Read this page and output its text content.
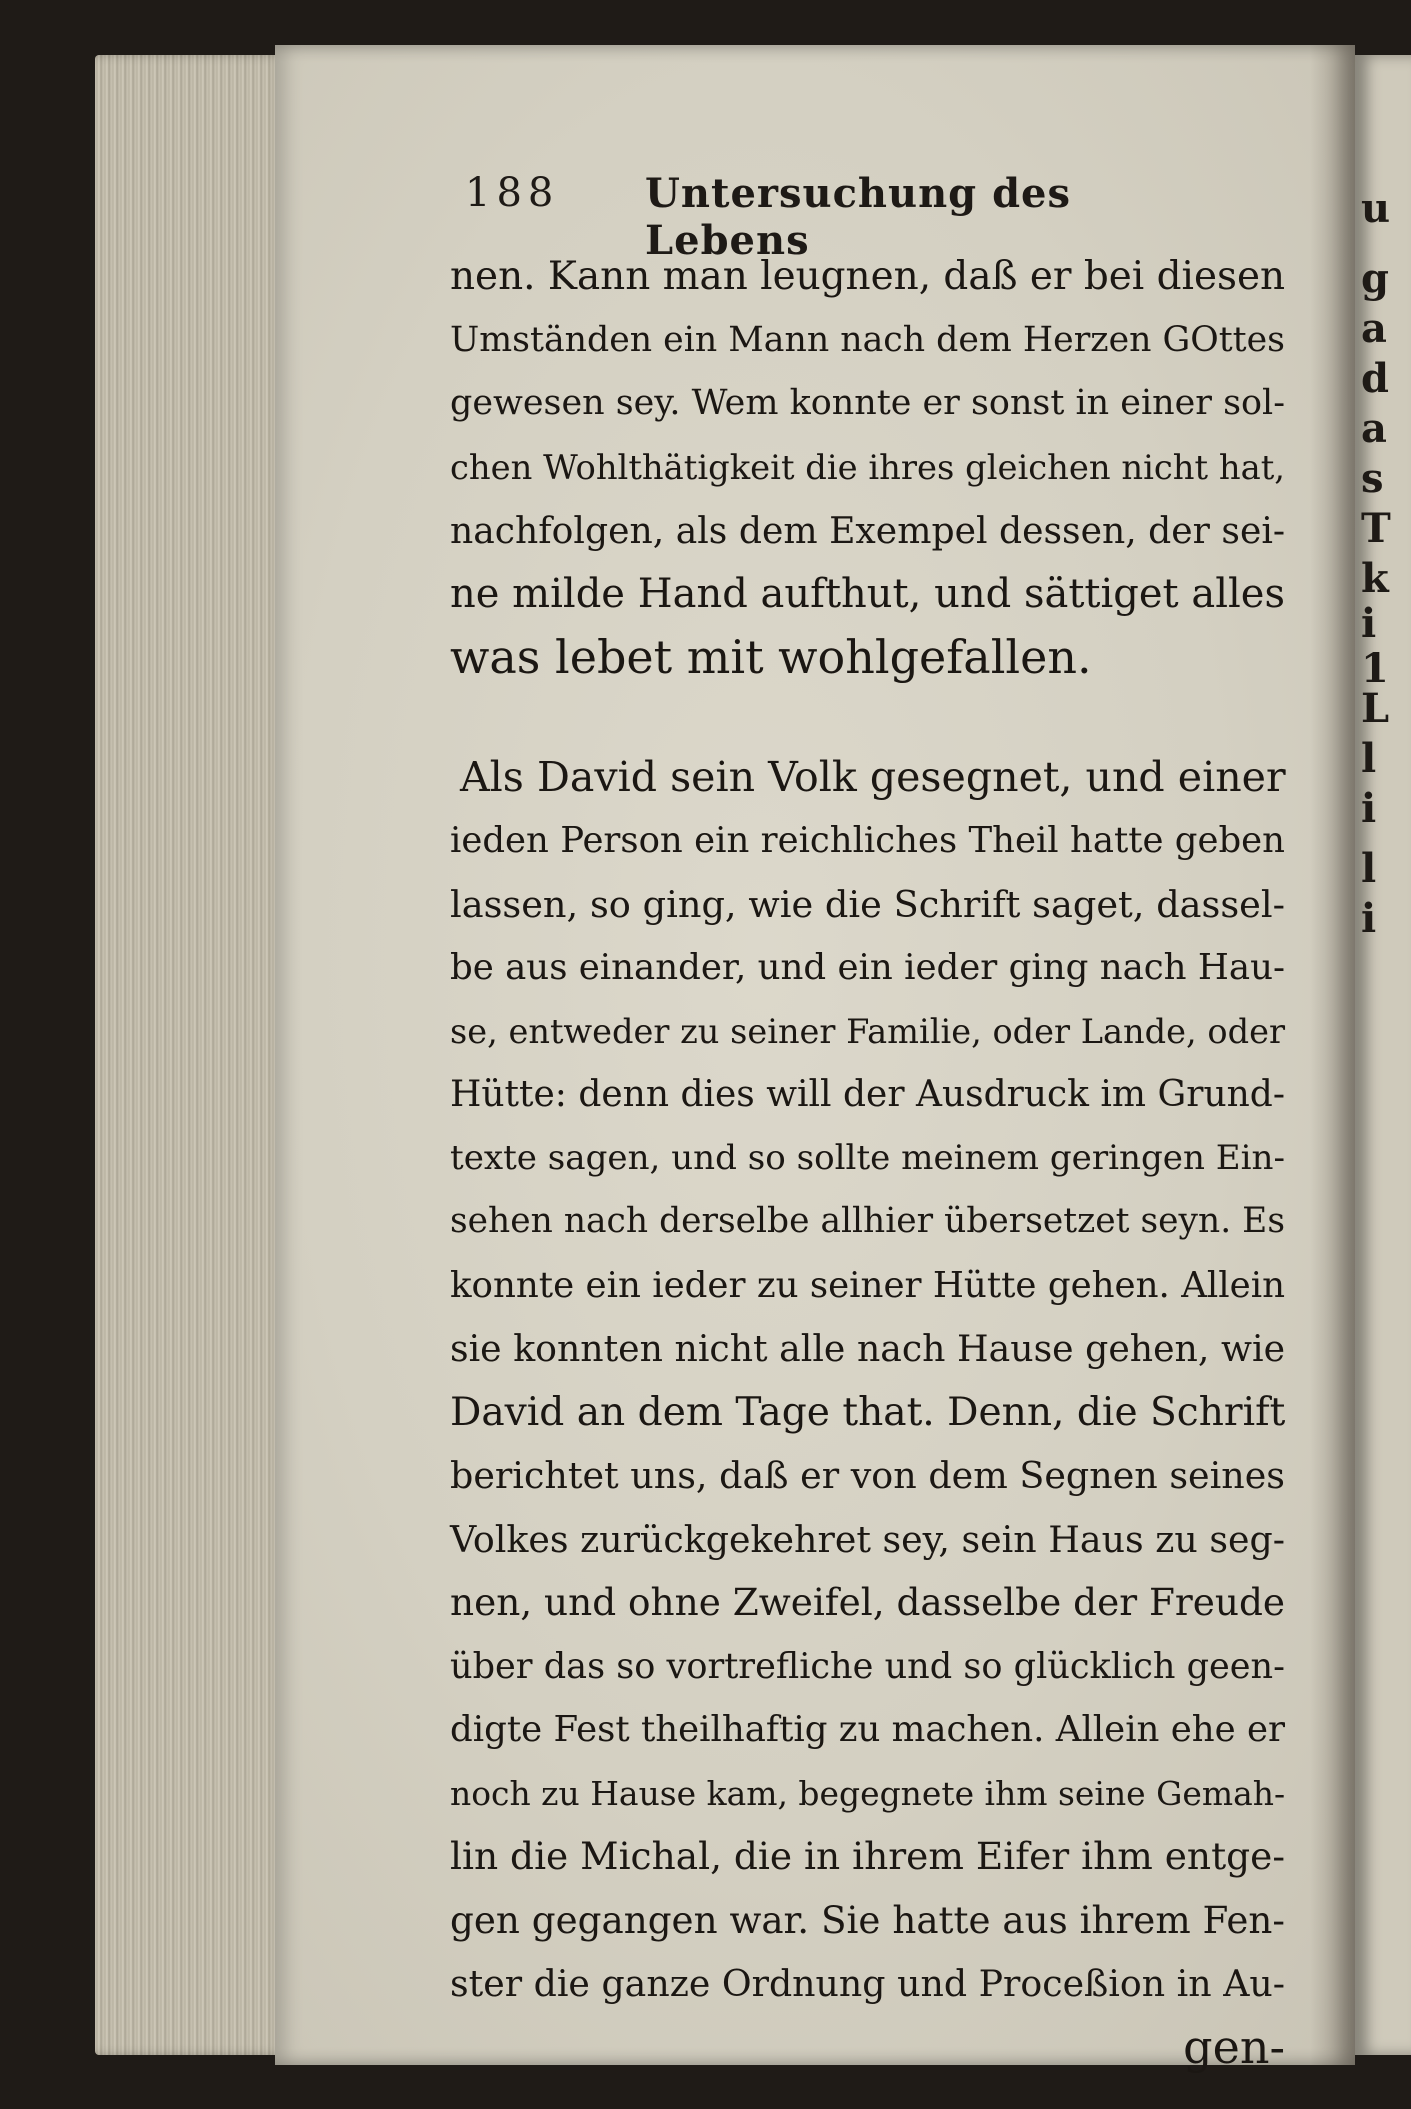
188 Untersuchung des Lebens
nen. Kann man leugnen, daß er bei diesen
Umständen ein Mann nach dem Herzen GOttes
gewesen sey. Wem konnte er sonst in einer sol-
chen Wohlthätigkeit die ihres gleichen nicht hat,
nachfolgen, als dem Exempel dessen, der sei-
ne milde Hand aufthut, und sättiget alles
was lebet mit wohlgefallen.
Als David sein Volk gesegnet, und einer
ieden Person ein reichliches Theil hatte geben
lassen, so ging, wie die Schrift saget, dassel-
be aus einander, und ein ieder ging nach Hau-
se, entweder zu seiner Familie, oder Lande, oder
Hütte: denn dies will der Ausdruck im Grund-
texte sagen, und so sollte meinem geringen Ein-
sehen nach derselbe allhier übersetzet seyn. Es
konnte ein ieder zu seiner Hütte gehen. Allein
sie konnten nicht alle nach Hause gehen, wie
David an dem Tage that. Denn, die Schrift
berichtet uns, daß er von dem Segnen seines
Volkes zurückgekehret sey, sein Haus zu seg-
nen, und ohne Zweifel, dasselbe der Freude
über das so vortrefliche und so glücklich geen-
digte Fest theilhaftig zu machen. Allein ehe er
noch zu Hause kam, begegnete ihm seine Gemah-
lin die Michal, die in ihrem Eifer ihm entge-
gen gegangen war. Sie hatte aus ihrem Fen-
ster die ganze Ordnung und Proceßion in Au-
gen-
u
g
a
d
a
s
T
k
i
1
L
l
i
l
i
